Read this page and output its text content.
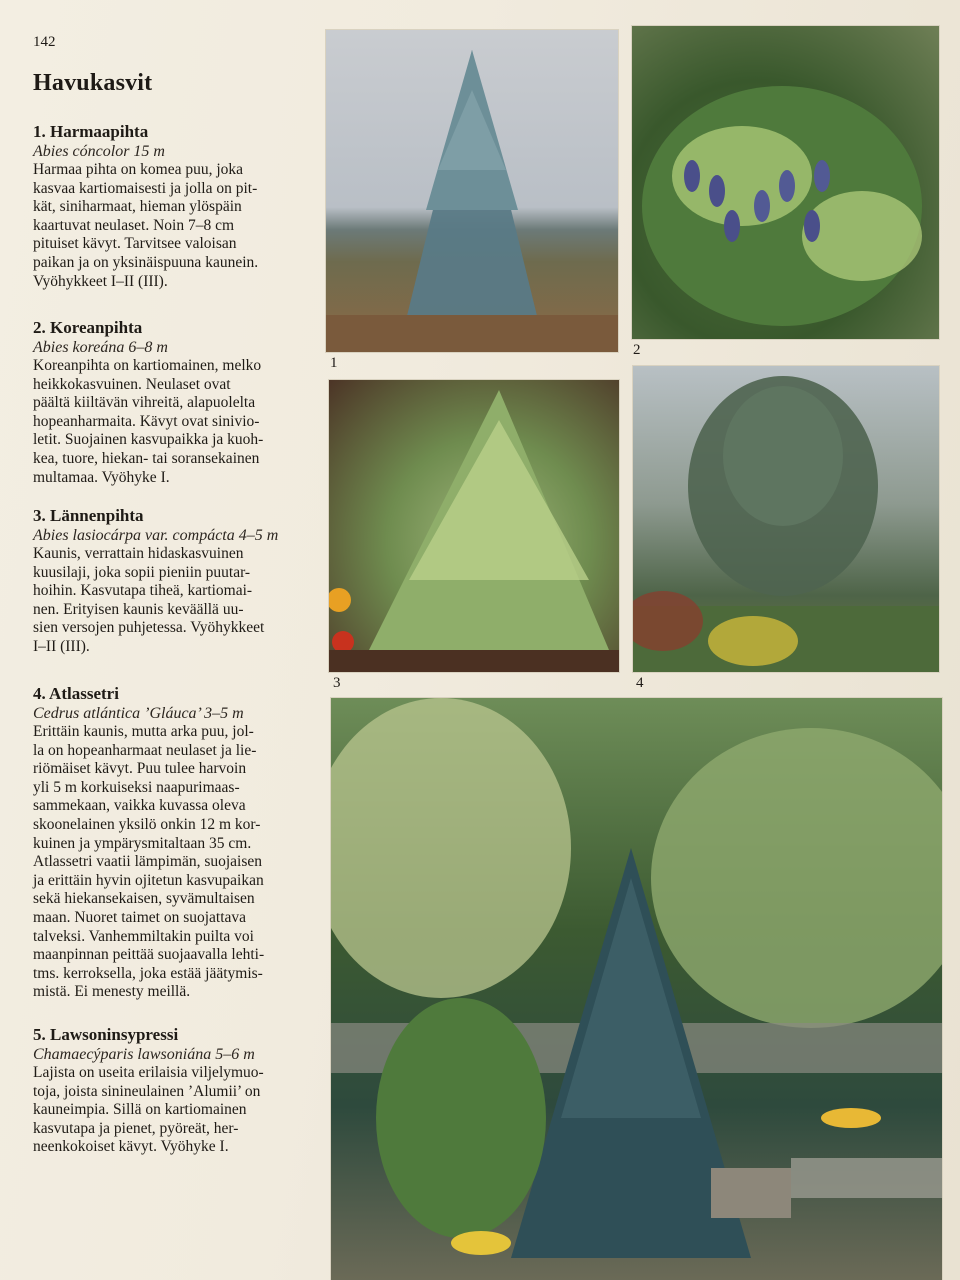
142
Havukasvit

1. Harmaapihta

Abies cóncolor 15 m

Harmaa pihta on komea puu, joka
kasvaa kartiomaisesti ja jolla on pit-
kät, siniharmaat, hieman ylöspäin
kaartuvat neulaset. Noin 7–8 cm
pituiset kävyt. Tarvitsee valoisan
paikan ja on yksinäispuuna kaunein.
Vyöhykkeet I–II (III).

2. Koreanpihta

Abies koreána 6–8 m

Koreanpihta on kartiomainen, melko
heikkokasvuinen. Neulaset ovat
päältä kiiltävän vihreitä, alapuolelta
hopeanharmaita. Kävyt ovat sinivio-
letit. Suojainen kasvupaikka ja kuoh-
kea, tuore, hiekan- tai soransekainen
multamaa. Vyöhyke I.

3. Lännenpihta

Abies lasiocárpa var. compácta 4–5 m

Kaunis, verrattain hidaskasvuinen
kuusilaji, joka sopii pieniin puutar-
hoihin. Kasvutapa tiheä, kartiomai-
nen. Erityisen kaunis keväällä uu-
sien versojen puhjetessa. Vyöhykkeet
I–II (III).

4. Atlassetri

Cedrus atlántica ’Gláuca’ 3–5 m

Erittäin kaunis, mutta arka puu, jol-
la on hopeanharmaat neulaset ja lie-
riömäiset kävyt. Puu tulee harvoin
yli 5 m korkuiseksi naapurimaas-
sammekaan, vaikka kuvassa oleva
skoonelainen yksilö onkin 12 m kor-
kuinen ja ympärysmitaltaan 35 cm.
Atlassetri vaatii lämpimän, suojaisen
ja erittäin hyvin ojitetun kasvupaikan
sekä hiekansekaisen, syvämultaisen
maan. Nuoret taimet on suojattava
talveksi. Vanhemmiltakin puilta voi
maanpinnan peittää suojaavalla lehti-
tms. kerroksella, joka estää jäätymis-
mistä. Ei menesty meillä.

5. Lawsoninsypressi

Chamaecýparis lawsoniána 5–6 m

Lajista on useita erilaisia viljelymuo-
toja, joista sinineulainen ’Alumii’ on
kauneimpia. Sillä on kartiomainen
kasvutapa ja pienet, pyöreät, her-
neenkokoiset kävyt. Vyöhyke I.
1
2
3	4
